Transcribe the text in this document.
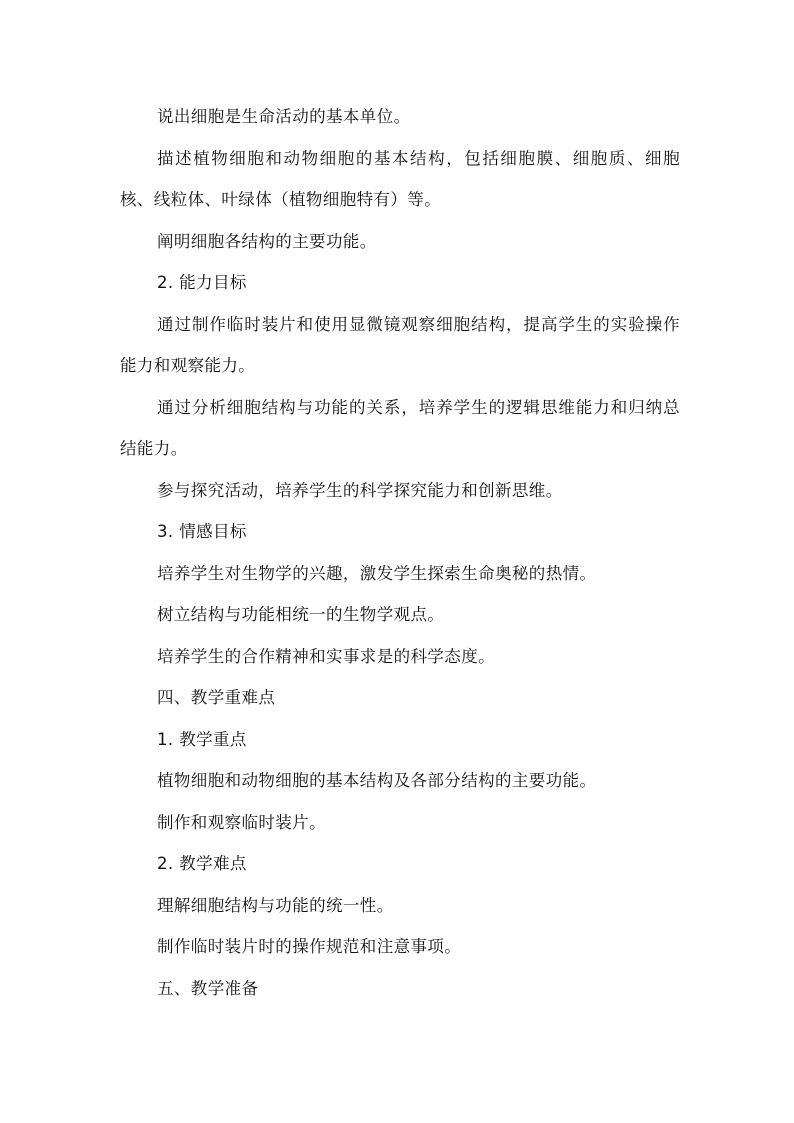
说出细胞是生命活动的基本单位。

描述植物细胞和动物细胞的基本结构，包括细胞膜、细胞质、细胞核、线粒体、叶绿体（植物细胞特有）等。

阐明细胞各结构的主要功能。

2. 能力目标

通过制作临时装片和使用显微镜观察细胞结构，提高学生的实验操作能力和观察能力。

通过分析细胞结构与功能的关系，培养学生的逻辑思维能力和归纳总结能力。

参与探究活动，培养学生的科学探究能力和创新思维。

3. 情感目标

培养学生对生物学的兴趣，激发学生探索生命奥秘的热情。

树立结构与功能相统一的生物学观点。

培养学生的合作精神和实事求是的科学态度。

四、教学重难点

1. 教学重点

植物细胞和动物细胞的基本结构及各部分结构的主要功能。

制作和观察临时装片。

2. 教学难点

理解细胞结构与功能的统一性。

制作临时装片时的操作规范和注意事项。

五、教学准备
